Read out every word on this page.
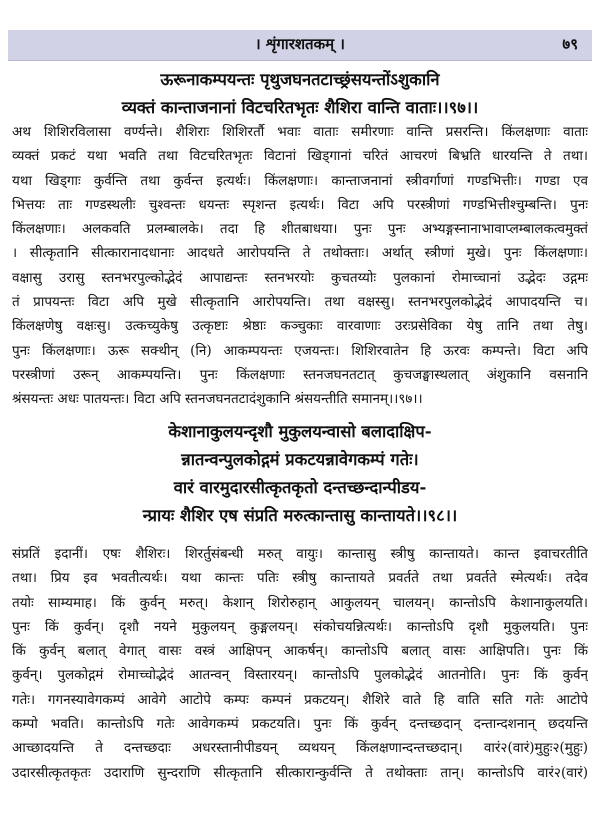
। शृंगारशतकम् ।	७९
ऊरूनाकम्पयन्तः पृथुजघनतटाच्छ्रंसयन्तोंऽशुकानि
व्यक्तं कान्ताजनानां विटचरितभृतः शैशिरा वान्ति वाताः।।९७।।
अथ शिशिरविलासा वर्ण्यन्ते। शैशिराः शिशिरर्तौ भवाः वाताः समीरणाः वान्ति प्रसरन्ति। किंलक्षणाः वाताः
व्यक्तं प्रकटं यथा भवति तथा विटचरितभृतः विटानां खिड्गानां चरितं आचरणं बिभ्रति धारयन्ति ते तथा।
यथा खिड्गाः कुर्वन्ति तथा कुर्वन्त इत्यर्थः। किंलक्षणाः। कान्ताजनानां स्त्रीवर्गाणां गण्डभित्तीः। गण्डा एव
भित्तयः ताः गण्डस्थलीः चुश्वन्तः धयन्तः स्पृशन्त इत्यर्थः। विटा अपि परस्त्रीणां गण्डभित्तीश्चुम्बन्ति। पुनः
किंलक्षणाः। अलकवति प्रलम्बालके। तदा हि शीतबाधया। पुनः पुनः अभ्यङ्गस्नानाभावाप्लम्बालकत्वमुक्तं
। सीत्कृतानि सीत्कारानादधानाः आदधते आरोपयन्ति ते तथोक्ताः। अर्थात् स्त्रीणां मुखे। पुनः किंलक्षणाः।
वक्षासु उरासु स्तनभरपुल्कोद्भेदं आपाद्यन्तः स्तनभरयोः कुचतय्योः पुलकानां रोमाच्चानां उद्भेदः उद्गमः
तं प्रापयन्तः विटा अपि मुखे सीत्कृतानि आरोपयन्ति। तथा वक्षस्सु। स्तनभरपुलकोद्भेदं आपादयन्ति च।
किंलक्षणेषु वक्षःसु। उत्कच्युकेषु उत्कृष्टाः श्रेष्ठाः कञ्चुकाः वारवाणाः उरःप्रसेविका येषु तानि तथा तेषु।
पुनः किंलक्षणाः। ऊरू सक्थीन् (नि) आकम्पयन्तः एजयन्तः। शिशिरवातेन हि ऊरवः कम्पन्ते। विटा अपि
परस्त्रीणां उरून् आकम्पयन्ति। पुनः किंलक्षणाः स्तनजघनतटात् कुचजङ्घास्थलात् अंशुकानि वसनानि
श्रंसयन्तः अधः पातयन्तः। विटा अपि स्तनजघनतटादंशुकानि श्रंसयन्तीति समानम्।।९७।।
केशानाकुलयन्दृशौ मुकुलयन्वासो बलादाक्षिप-
न्नातन्वन्पुलकोद्गमं प्रकटयन्नावेगकम्पं गतेः।
वारं वारमुदारसीत्कृतकृतो दन्तच्छन्दान्पीडय-
न्प्रायः शैशिर एष संप्रति मरुत्कान्तासु कान्तायते।।९८।।
संप्रतिं इदानीं। एषः शैशिरः। शिरर्तुसंबन्धी मरुत् वायुः। कान्तासु स्त्रीषु कान्तायते। कान्त इवाचरतीति
तथा। प्रिय इव भवतीत्यर्थः। यथा कान्तः पतिः स्त्रीषु कान्तायते प्रवर्तते तथा प्रवर्तते स्मेत्यर्थः। तदेव
तयोः साम्यमाह। किं कुर्वन् मरुत्। केशान् शिरोरुहान् आकुलयन् चालयन्। कान्तोऽपि केशानाकुलयति।
पुनः किं कुर्वन्। दृशौ नयने मुकुलयन् कुङ्मलयन्। संकोचयन्नित्यर्थः। कान्तोऽपि दृशौ मुकुलयति। पुनः
किं कुर्वन् बलात् वेगात् वासः वस्त्रं आक्षिपन् आकर्षन्। कान्तोऽपि बलात् वासः आक्षिपति। पुनः किं
कुर्वन्। पुलकोद्गमं रोमाच्चोद्भेदं आतन्वन् विस्तारयन्। कान्तोऽपि पुलकोद्भेदं आतनोति। पुनः किं कुर्वन्
गतेः। गगनस्यावेगकम्पं आवेगे आटोपे कम्पः कम्पनं प्रकटयन्। शैशिरे वाते हि वाति सति गतेः आटोपे
कम्पो भवति। कान्तोऽपि गतेः आवेगकम्पं प्रकटयति। पुनः किं कुर्वन् दन्तच्छदान् दन्तान्दशनान् छदयन्ति
आच्छादयन्ति ते दन्तच्छदाः अधरस्तानीपीडयन् व्यथयन् किंलक्षणान्दन्तच्छदान्। वारं२(वारं)मुहुः२(मुहुः)
उदारसीत्कृतकृतः उदाराणि सुन्दराणि सीत्कृतानि सीत्कारान्कुर्वन्ति ते तथोक्ताः तान्। कान्तोऽपि वारं२(वारं)
